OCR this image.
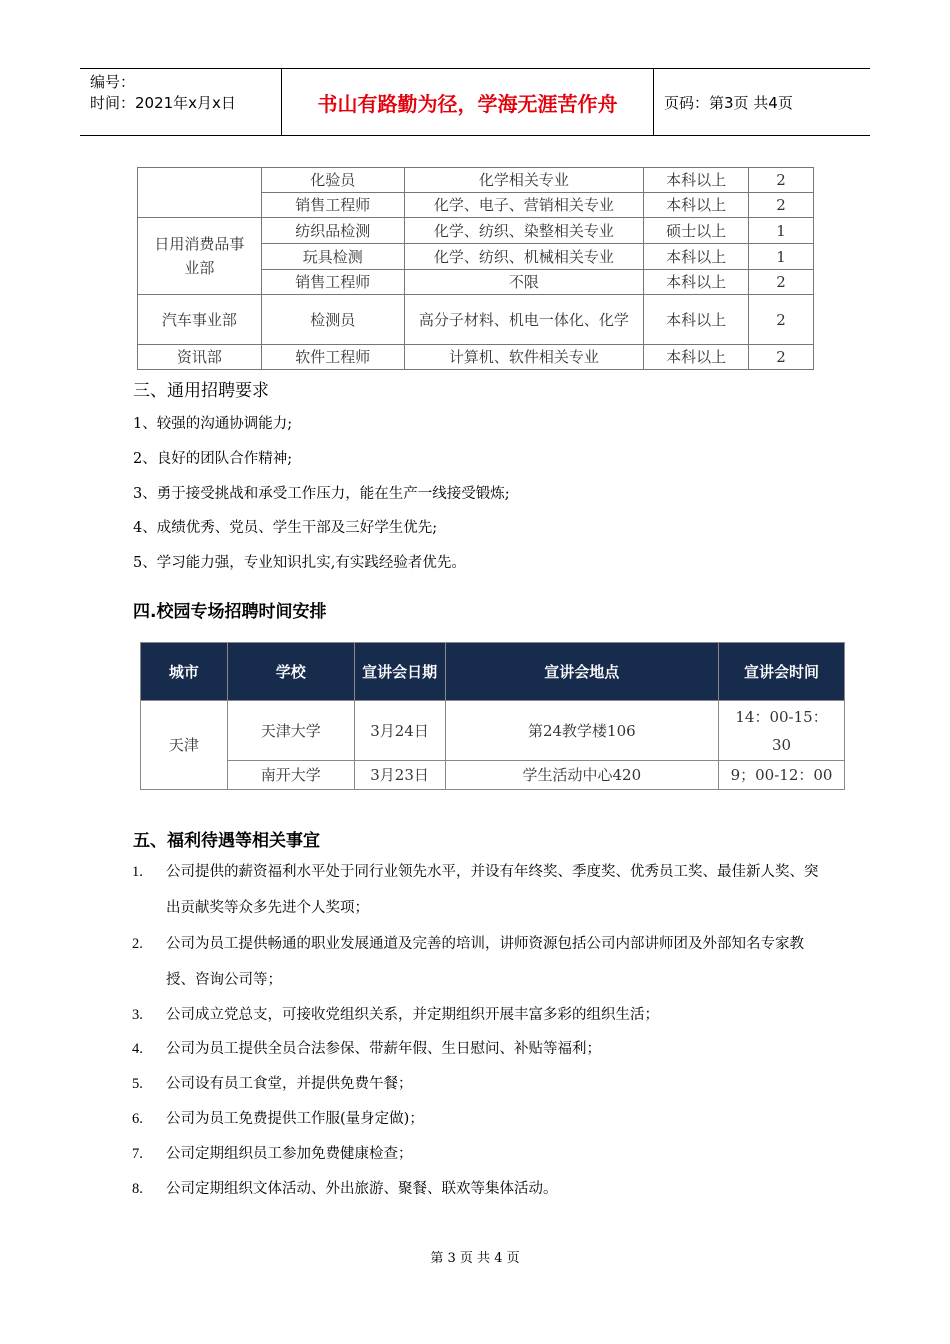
编号：
时间：2021年x月x日	书山有路勤为径，学海无涯苦作舟	页码：第3页 共4页
	化验员	化学相关专业	本科以上	2
	销售工程师	化学、电子、营销相关专业	本科以上	2
日用消费品事业部	纺织品检测	化学、纺织、染整相关专业	硕士以上	1
	玩具检测	化学、纺织、机械相关专业	本科以上	1
	销售工程师	不限	本科以上	2
汽车事业部	检测员	高分子材料、机电一体化、化学	本科以上	2
资讯部	软件工程师	计算机、软件相关专业	本科以上	2
三、通用招聘要求
1、较强的沟通协调能力;
2、良好的团队合作精神;
3、勇于接受挑战和承受工作压力，能在生产一线接受锻炼;
4、成绩优秀、党员、学生干部及三好学生优先;
5、学习能力强，专业知识扎实,有实践经验者优先。
四.校园专场招聘时间安排
城市	学校	宣讲会日期	宣讲会地点	宣讲会时间
天津	天津大学	3月24日	第24教学楼106	14：00-15：30
	南开大学	3月23日	学生活动中心420	9；00-12：00
五、福利待遇等相关事宜
1. 公司提供的薪资福利水平处于同行业领先水平，并设有年终奖、季度奖、优秀员工奖、最佳新人奖、突出贡献奖等众多先进个人奖项；
2. 公司为员工提供畅通的职业发展通道及完善的培训，讲师资源包括公司内部讲师团及外部知名专家教授、咨询公司等；
3. 公司成立党总支，可接收党组织关系，并定期组织开展丰富多彩的组织生活；
4. 公司为员工提供全员合法参保、带薪年假、生日慰问、补贴等福利；
5. 公司设有员工食堂，并提供免费午餐；
6. 公司为员工免费提供工作服(量身定做)；
7. 公司定期组织员工参加免费健康检查；
8. 公司定期组织文体活动、外出旅游、聚餐、联欢等集体活动。
第 3 页 共 4 页
